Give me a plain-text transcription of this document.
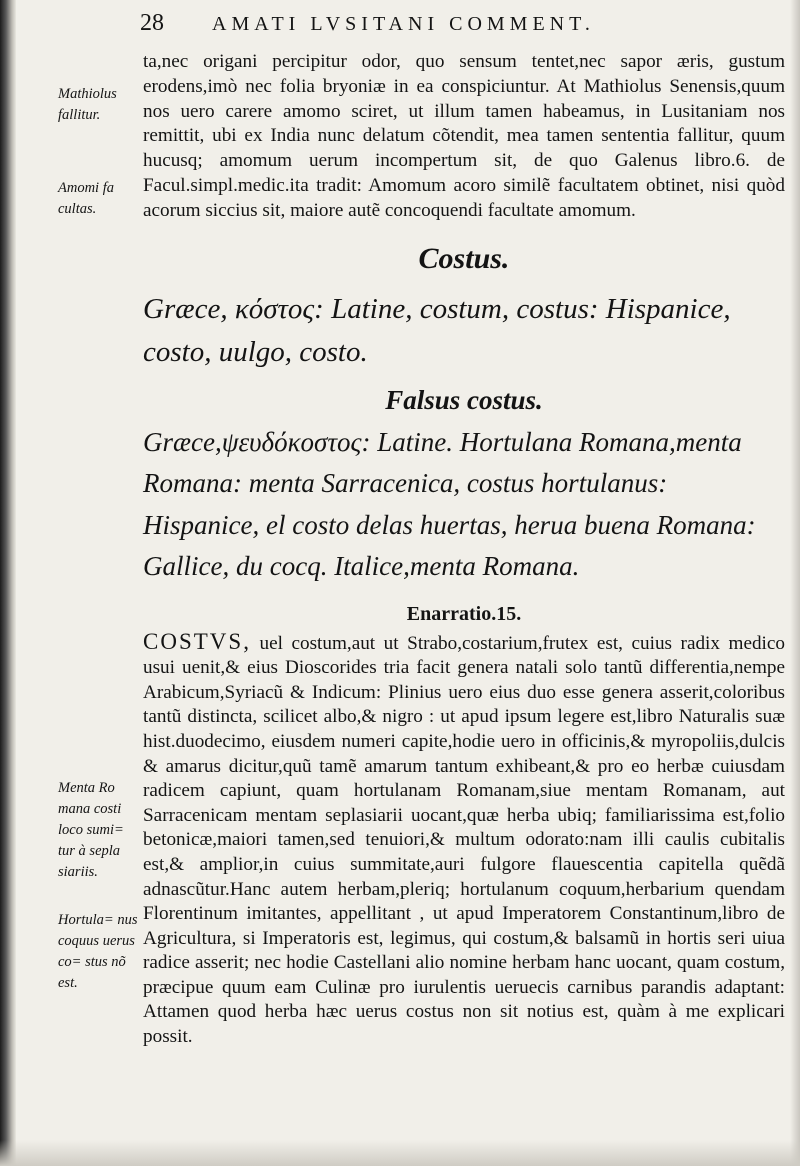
28 AMATI LVSITANI COMMENT.
Mathiolus fallitur.
Amomi fa cultas.
Menta Ro mana costi loco sumi= tur à sepla siariis.
Hortula= nus coquus uerus co= stus nõ est.

ta,nec origani percipitur odor, quo sensum tentet,nec sapor æris, gustum erodens,imò nec folia bryoniæ in ea conspiciuntur. At Mathiolus Senensis,quum nos uero carere amomo sciret, ut illum tamen habeamus, in Lusitaniam nos remittit, ubi ex India nunc delatum cõtendit, mea tamen sententia fallitur, quum hucusq; amomum uerum incompertum sit, de quo Galenus libro.6. de Facul.simpl.medic.ita tradit: Amomum acoro similẽ facultatem obtinet, nisi quòd acorum siccius sit, maiore autẽ concoquendi facultate amomum.

Costus.

Græce, κόστος: Latine, costum, costus: Hispanice, costo, uulgo, costo.

Falsus costus.

Græce,ψευδόκοστος: Latine. Hortulana Romana,menta Romana: menta Sarracenica, costus hortulanus: Hispanice, el costo delas huertas, herua buena Romana: Gallice, du cocq. Italice,menta Romana.

Enarratio.15.

COSTVS, uel costum,aut ut Strabo,costarium,frutex est, cuius radix medico usui uenit,& eius Dioscorides tria facit genera natali solo tantũ differentia,nempe Arabicum,Syriacũ & Indicum: Plinius uero eius duo esse genera asserit,coloribus tantũ distincta, scilicet albo,& nigro : ut apud ipsum legere est,libro Naturalis suæ hist.duodecimo, eiusdem numeri capite,hodie uero in officinis,& myropoliis,dulcis & amarus dicitur,quũ tamẽ amarum tantum exhibeant,& pro eo herbæ cuiusdam radicem capiunt, quam hortulanam Romanam,siue mentam Romanam, aut Sarracenicam mentam seplasiarii uocant,quæ herba ubiq; familiarissima est,folio betonicæ,maiori tamen,sed tenuiori,& multum odorato:nam illi caulis cubitalis est,& amplior,in cuius summitate,auri fulgore flauescentia capitella quẽdã adnascũtur.Hanc autem herbam,pleriq; hortulanum coquum,herbarium quendam Florentinum imitantes, appellitant , ut apud Imperatorem Constantinum,libro de Agricultura, si Imperatoris est, legimus, qui costum,& balsamũ in hortis seri uiua radice asserit; nec hodie Castellani alio nomine herbam hanc uocant, quam costum, præcipue quum eam Culinæ pro iurulentis ueruecis carnibus parandis adaptant: Attamen quod herba hæc uerus costus non sit notius est, quàm à me explicari possit.
